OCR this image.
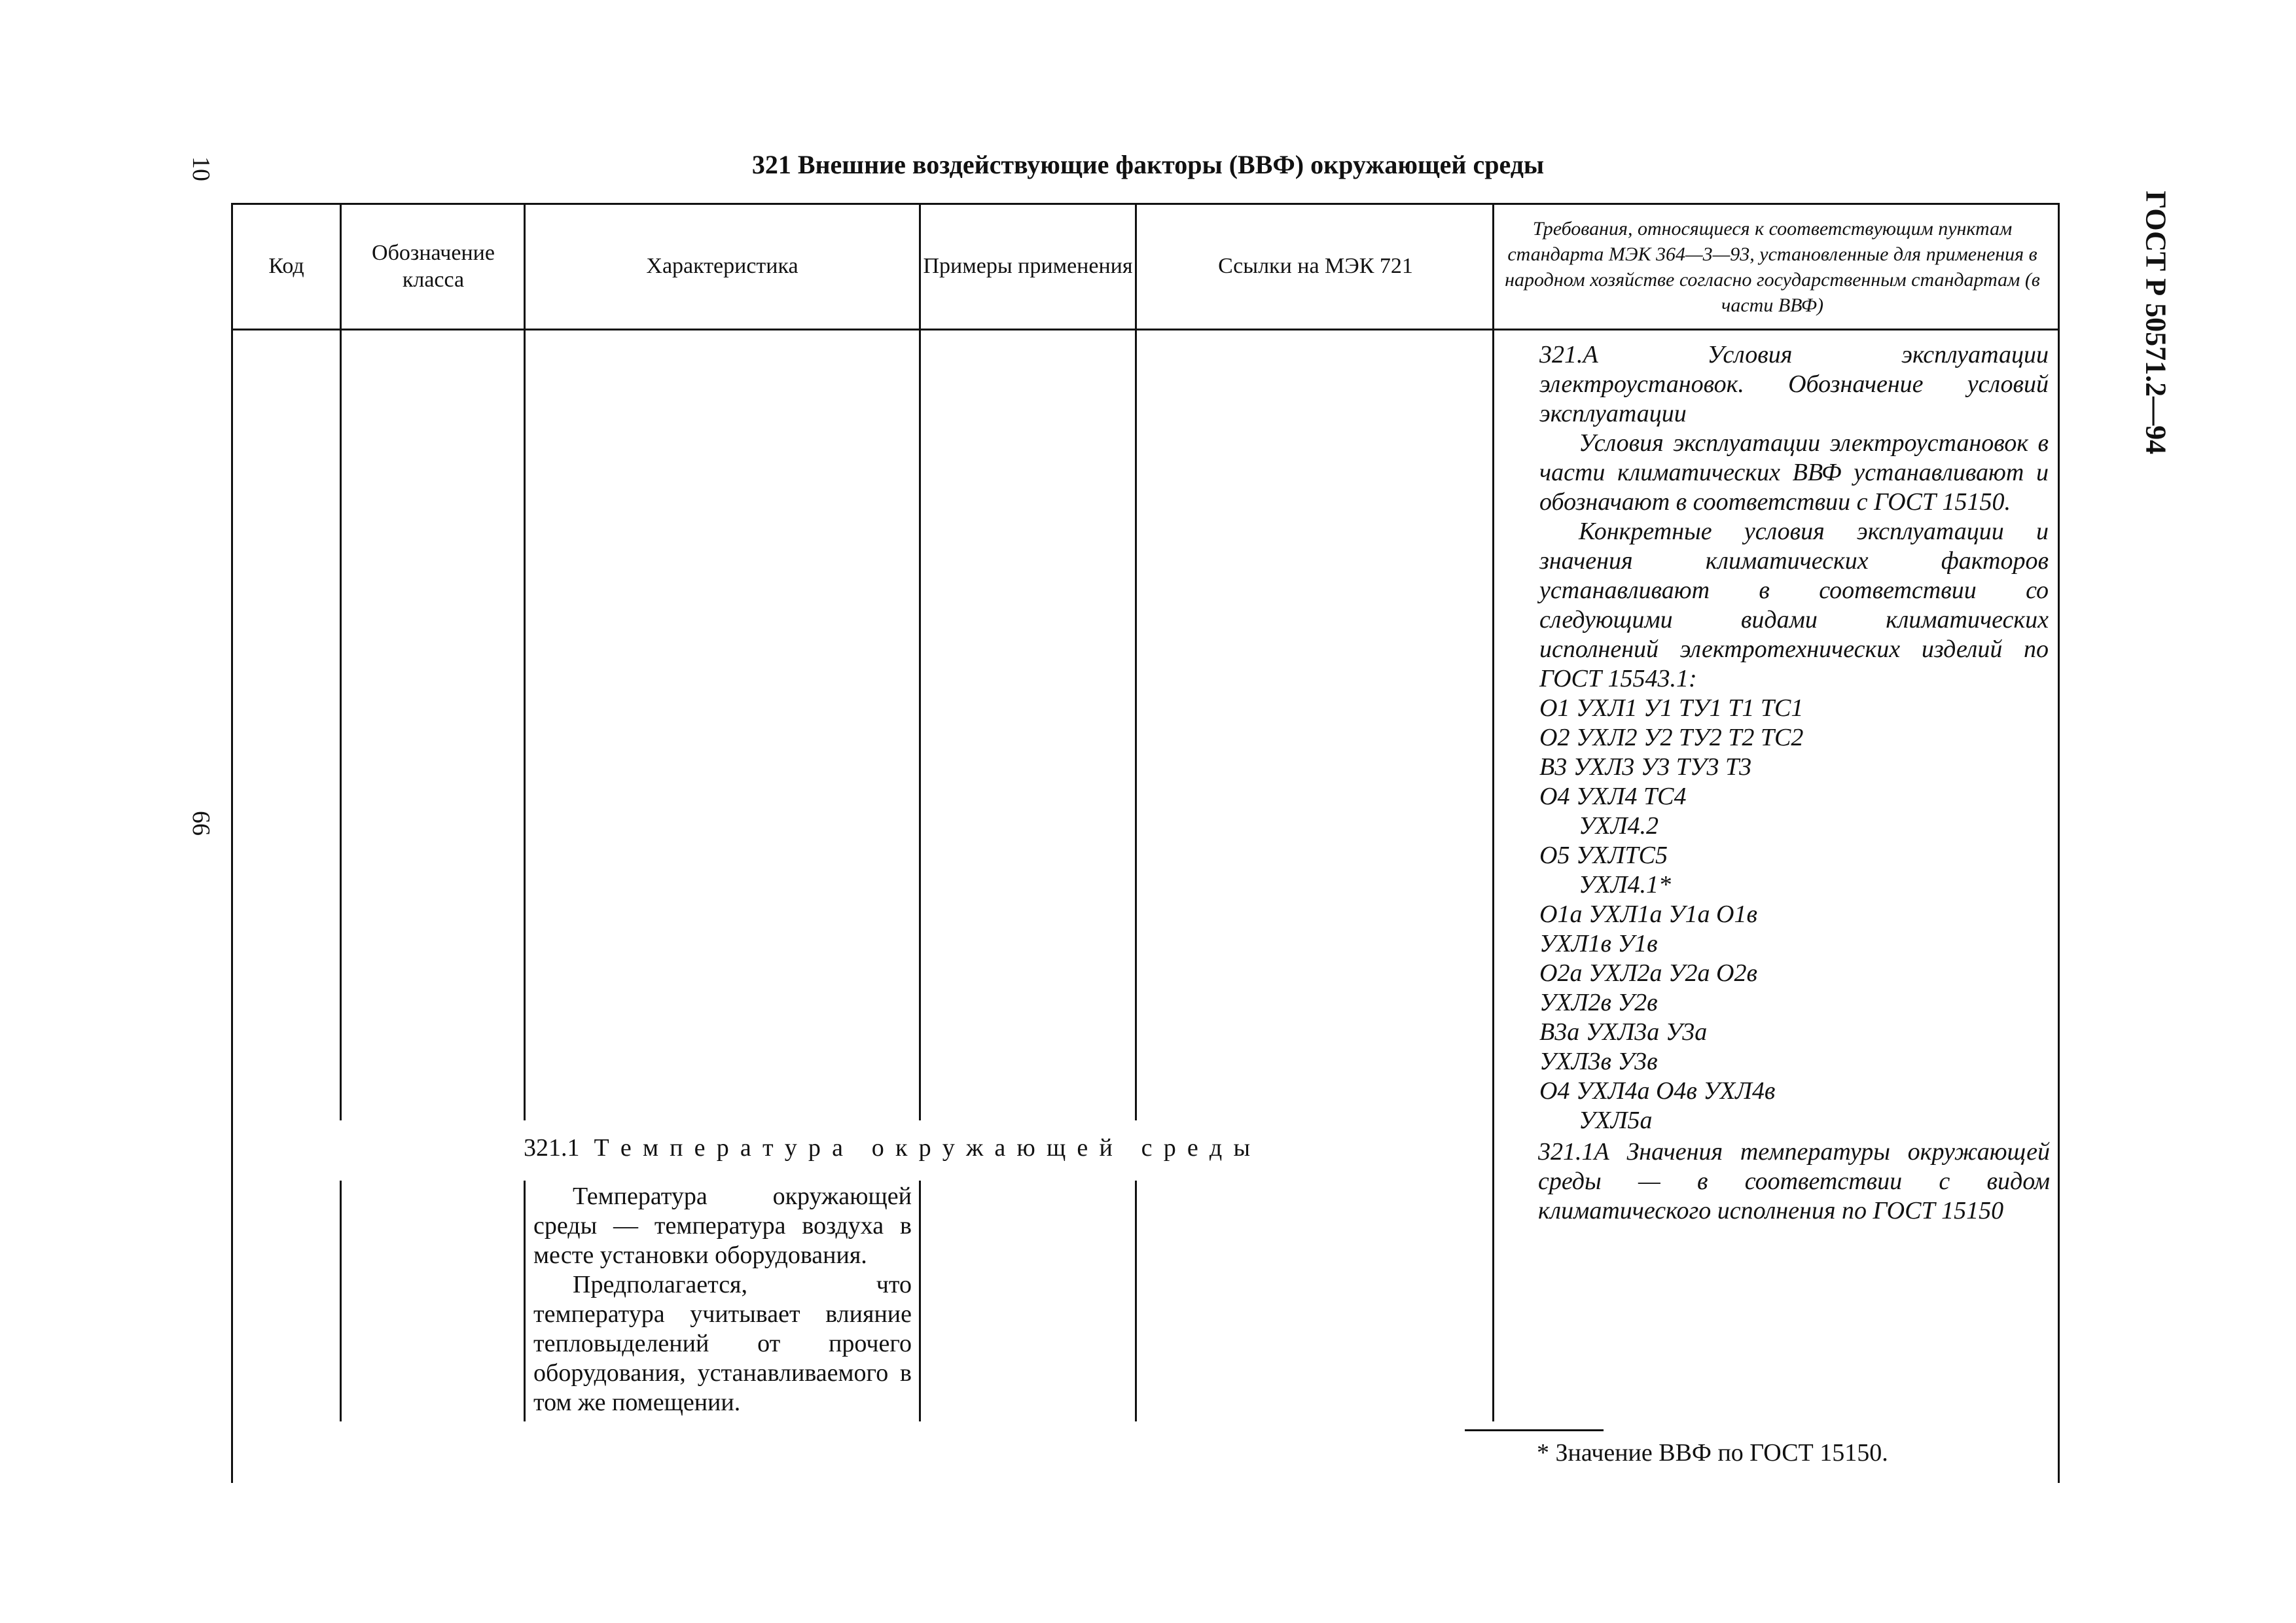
10
66
ГОСТ Р 50571.2—94
321 Внешние воздействующие факторы (ВВФ) окружающей среды
Код
Обозначение класса
Характеристика	Примеры применения	Ссылки на МЭК 721
Требования, относящиеся к соответствующим пунктам стандарта МЭК 364—3—93, установленные для применения в народном хозяйстве согласно государственным стандартам (в части ВВФ)

321.А Условия эксплуатации электроустановок. Обозначение условий эксплуатации

Условия эксплуатации электроустановок в части климатических ВВФ устанавливают и обозначают в соответствии с ГОСТ 15150.

Конкретные условия эксплуатации и значения климатических факторов устанавливают в соответствии со следующими видами климатических исполнений электротехнических изделий по ГОСТ 15543.1:

О1 УХЛ1 У1 ТУ1 Т1 ТС1
О2 УХЛ2 У2 ТУ2 Т2 ТС2
В3 УХЛ3 У3 ТУ3 Т3
О4 УХЛ4 ТС4
УХЛ4.2
О5 УХЛТС5
УХЛ4.1*
О1а УХЛ1а У1а О1в
УХЛ1в У1в
О2а УХЛ2а У2а О2в
УХЛ2в У2в
В3а УХЛ3а У3а
УХЛ3в У3в
О4 УХЛ4а О4в УХЛ4в
УХЛ5а
321.1 Т е м п е р а т у р а
о к р у ж а ю щ е й
с р е д ы

Температура окружающей среды — температура воздуха в месте установки оборудования.

Предполагается, что температура учитывает влияние тепловыделений от прочего оборудования, устанавливаемого в том же помещении.

321.1А Значения температуры окружающей среды — в соответствии с видом климатического исполнения по ГОСТ 15150
* Значение ВВФ по ГОСТ 15150.
